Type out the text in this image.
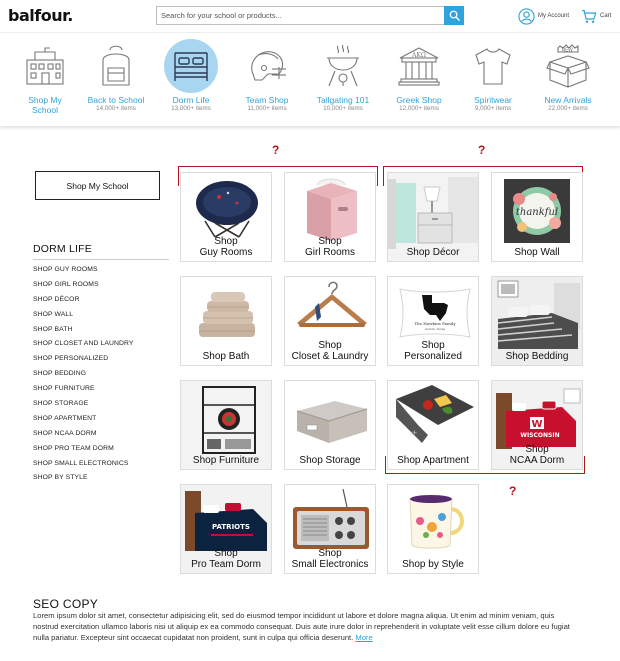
balfour.
Search for your school or products...	My Account	Cart
Shop My School
Back to School
14,000+ items
Dorm Life
13,000+ items
Team Shop
11,000+ items
Tailgating 101
10,000+ items
ΑΚΩ
Greek Shop
12,000+ items
Spiritwear
9,000+ items
NEW
New Arrivals
22,000+ items
Shop My School
DORM LIFE
SHOP GUY ROOMS
SHOP GIRL ROOMS
SHOP DÉCOR
SHOP WALL
SHOP BATH
SHOP CLOSET AND LAUNDRY
SHOP PERSONALIZED
SHOP BEDDING
SHOP FURNITURE
SHOP STORAGE
SHOP APARTMENT
SHOP NCAA DORM
SHOP PRO TEAM DORM
SHOP SMALL ELECTRONICS
SHOP BY STYLE
?	?
?
Shop
Guy Rooms
Shop
Girl Rooms	Shop Décor
thankful
Shop Wall
Shop Bath
Shop
Closet & Laundry
The Hawkins Family
Austin, Texas
Shop
Personalized	Shop Bedding
Shop Furniture	Shop Storage
TX
Shop Apartment
W
WISCONSIN
Shop
NCAA Dorm
PATRIOTS
Shop
Pro Team Dorm
Shop
Small Electronics	Shop by Style
SEO COPY
Lorem ipsum dolor sit amet, consectetur adipisicing elit, sed do eiusmod tempor incididunt ut labore et dolore magna aliqua. Ut enim ad minim veniam, quis nostrud exercitation ullamco laboris nisi ut aliquip ex ea commodo consequat. Duis aute irure dolor in reprehenderit in voluptate velit esse cillum dolore eu fugiat nulla pariatur. Excepteur sint occaecat cupidatat non proident, sunt in culpa qui officia deserunt. More
